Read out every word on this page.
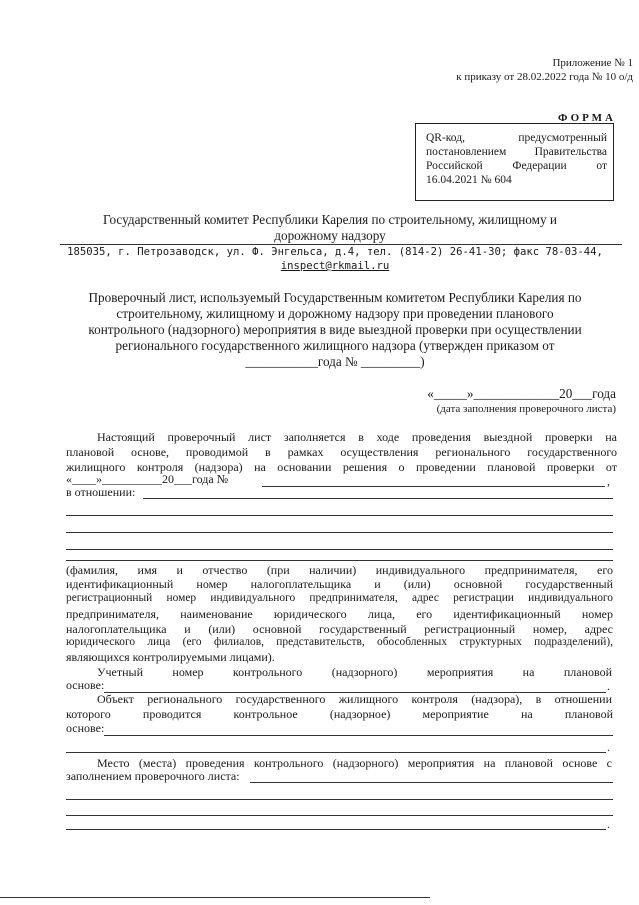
Приложение № 1
к приказу от 28.02.2022 года № 10 о/д
ФОРМА
QR-код, предусмотренный постановлением Правительства Российской Федерации от 16.04.2021 № 604
Государственный комитет Республики Карелия по строительному, жилищному и
дорожному надзору
185035, г. Петрозаводск, ул. Ф. Энгельса, д.4, тел. (814-2) 26-41-30; факс 78-03-44,
inspect@rkmail.ru
Проверочный лист, используемый Государственным комитетом Республики Карелия по
строительному, жилищному и дорожному надзору при проведении планового
контрольного (надзорного) мероприятия в виде выездной проверки при осуществлении
регионального государственного жилищного надзора (утвержден приказом от
___________года № _________)
«_____»_____________20___года
(дата заполнения проверочного листа)
Настоящий проверочный лист заполняется в ходе проведения выездной проверки на
плановой основе, проводимой в рамках осуществления регионального государственного
жилищного контроля (надзора) на основании решения о проведении плановой проверки от
«____»__________20___года №	,
в отношении:
(фамилия, имя и отчество (при наличии) индивидуального предпринимателя, его
идентификационный номер налогоплательщика и (или) основной государственный
регистрационный номер индивидуального предпринимателя, адрес регистрации индивидуального
предпринимателя, наименование юридического лица, его идентификационный номер
налогоплательщика и (или) основной государственный регистрационный номер, адрес
юридического лица (его филиалов, представительств, обособленных структурных подразделений),
являющихся контролируемыми лицами).
Учетный номер контрольного (надзорного) мероприятия на плановой
основе:	.
Объект регионального государственного жилищного контроля (надзора), в отношении
которого проводится контрольное (надзорное) мероприятие на плановой
основе:
.
Место (места) проведения контрольного (надзорного) мероприятия на плановой основе с
заполнением проверочного листа:
.
